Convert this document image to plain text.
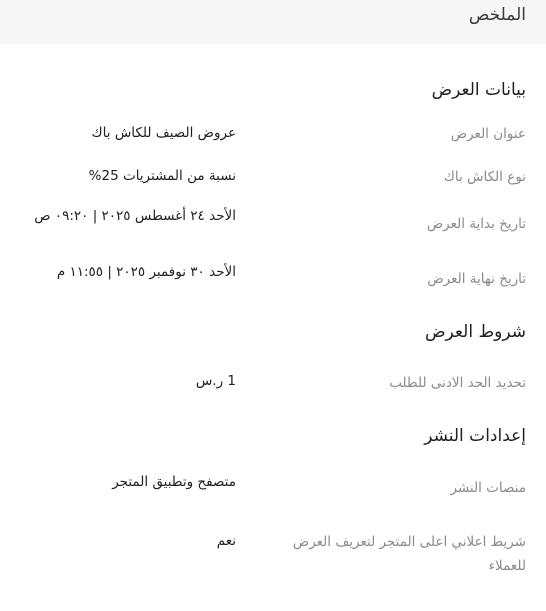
الملخص
بيانات العرض
عنوان العرض
عروض الصيف للكاش باك
نوع الكاش باك
نسبة من المشتريات 25%
تاريخ بداية العرض
الأحد ٢٤ أغسطس ٢٠٢٥ | ٠٩:٢٠ ص
تاريخ نهاية العرض
الأحد ٣٠ نوفمبر ٢٠٢٥ | ١١:٥٥ م
شروط العرض
تحديد الحد الادنى للطلب
1 ر.س
إعدادات النشر
منصات النشر
متصفح وتطبيق المتجر
شريط اعلاني اعلى المتجر لتعريف العرض للعملاء
نعم
